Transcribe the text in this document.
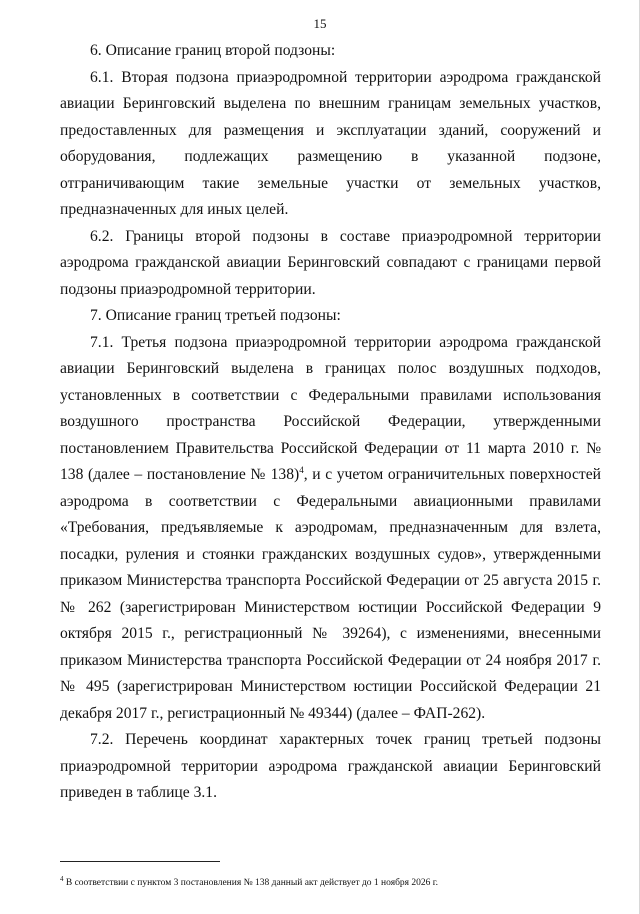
15

6. Описание границ второй подзоны:

6.1. Вторая подзона приаэродромной территории аэродрома гражданской авиации Беринговский выделена по внешним границам земельных участков, предоставленных для размещения и эксплуатации зданий, сооружений и оборудования, подлежащих размещению в указанной подзоне, отграничивающим такие земельные участки от земельных участков, предназначенных для иных целей.

6.2. Границы второй подзоны в составе приаэродромной территории аэродрома гражданской авиации Беринговский совпадают с границами первой подзоны приаэродромной территории.

7. Описание границ третьей подзоны:

7.1. Третья подзона приаэродромной территории аэродрома гражданской авиации Беринговский выделена в границах полос воздушных подходов, установленных в соответствии с Федеральными правилами использования воздушного пространства Российской Федерации, утвержденными постановлением Правительства Российской Федерации от 11 марта 2010 г. № 138 (далее – постановление № 138)$^4$, и с учетом ограничительных поверхностей аэродрома в соответствии с Федеральными авиационными правилами «Требования, предъявляемые к аэродромам, предназначенным для взлета, посадки, руления и стоянки гражданских воздушных судов», утвержденными приказом Министерства транспорта Российской Федерации от 25 августа 2015 г. № 262 (зарегистрирован Министерством юстиции Российской Федерации 9 октября 2015 г., регистрационный № 39264), с изменениями, внесенными приказом Министерства транспорта Российской Федерации от 24 ноября 2017 г. № 495 (зарегистрирован Министерством юстиции Российской Федерации 21 декабря 2017 г., регистрационный № 49344) (далее – ФАП-262).

7.2. Перечень координат характерных точек границ третьей подзоны приаэродромной территории аэродрома гражданской авиации Беринговский приведен в таблице 3.1.

$^4$ В соответствии с пунктом 3 постановления № 138 данный акт действует до 1 ноября 2026 г.
